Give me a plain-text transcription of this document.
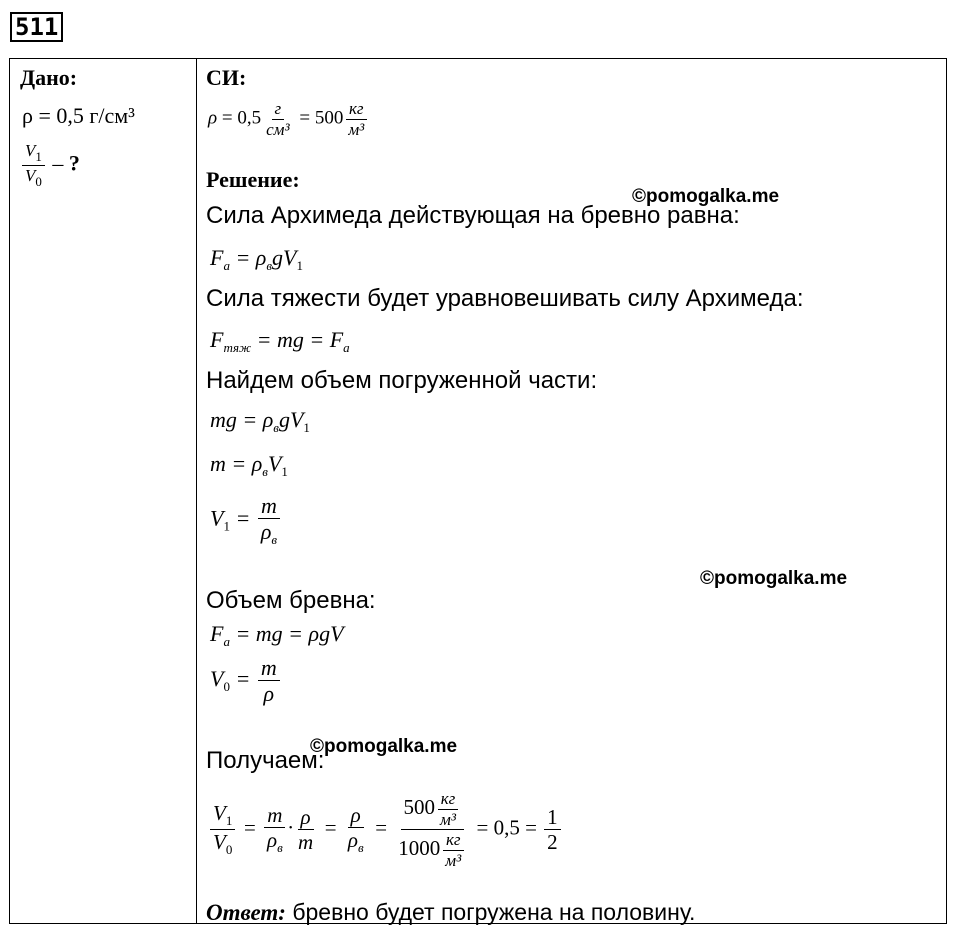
511
Дано:
ρ = 0,5 г/см³
$\frac{V_1}{V_0}$ – ?
СИ:
$\rho = 0,5 \frac{г}{\text{см³}} = 500 \frac{кг}{\text{м³}}$
Решение:
Сила Архимеда действующая на бревно равна:
$F_a = \rho_вgV_1$
Сила тяжести будет уравновешивать силу Архимеда:
$F_{тяж}$ = mg = $F_a$
Найдем объем погруженной части:
mg = $\rho_вgV_1$
$m = \rho_вV_1$
$V_1 = \frac{m}{\rho_в}$
Объем бревна:
$F_a$ = mg = ρgV
$V_0 = \frac{m}{\rho}$
Получаем:
$\frac{V_1}{V_0} = \frac{m}{\rho_в} \cdot \frac{\rho}{m} = \frac{\rho}{\rho_в} = \frac{500 \frac{кг}{\text{м³}}}{1000 \frac{кг}{\text{м³}}} = 0,5 = \frac{1}{2}$
Ответ: бревно будет погружена на половину.
©pomogalka.me
©pomogalka.me
©pomogalka.me
